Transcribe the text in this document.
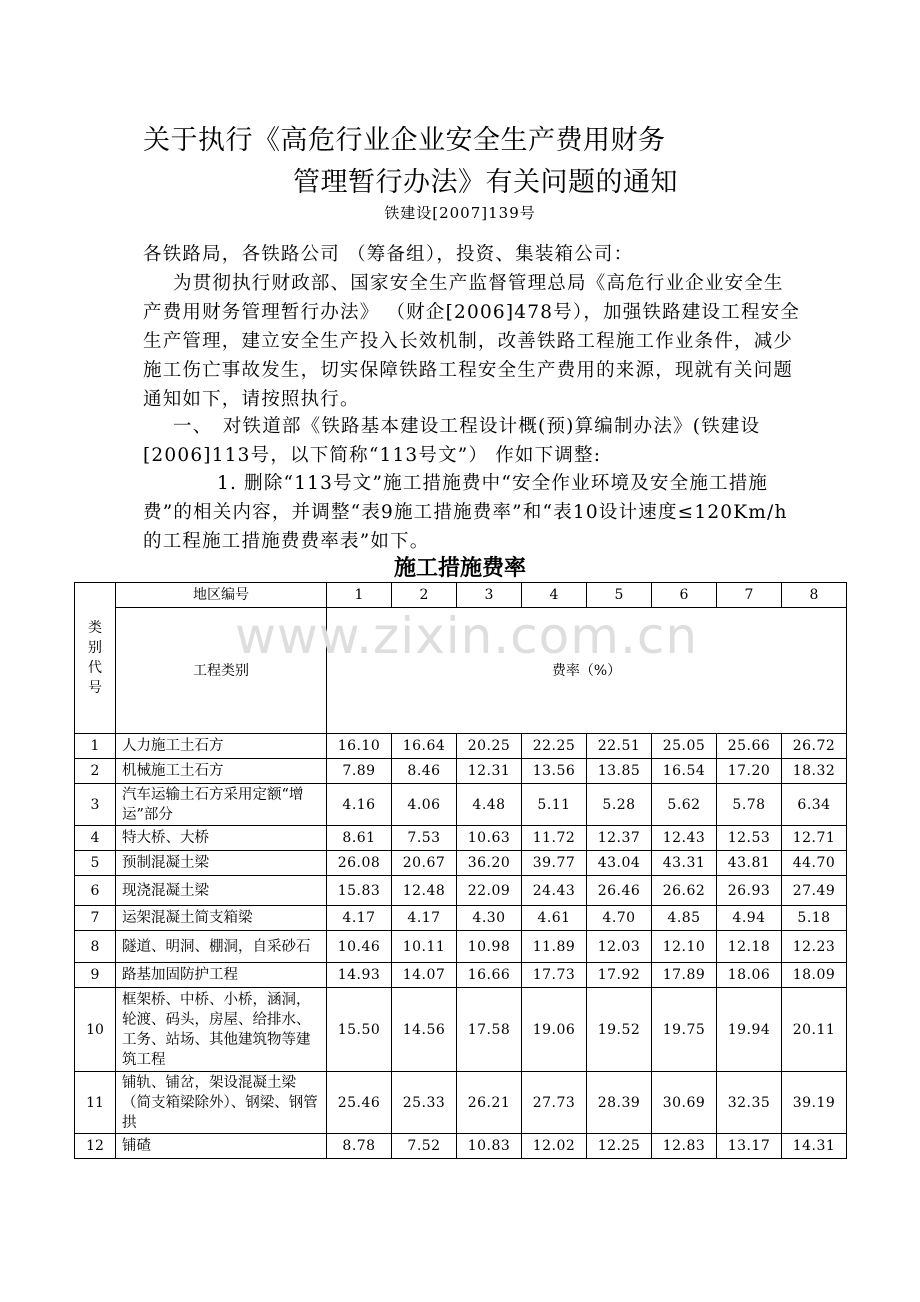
关于执行《高危行业企业安全生产费用财务
管理暂行办法》有关问题的通知
铁建设[2007]139号
各铁路局，各铁路公司 （筹备组），投资、集装箱公司：
为贯彻执行财政部、国家安全生产监督管理总局《高危行业企业安全生产费用财务管理暂行办法》 （财企[2006]478号），加强铁路建设工程安全生产管理，建立安全生产投入长效机制，改善铁路工程施工作业条件，减少施工伤亡事故发生，切实保障铁路工程安全生产费用的来源，现就有关问题通知如下，请按照执行。
一、　对铁道部《铁路基本建设工程设计概(预)算编制办法》(铁建设[2006]113号，以下简称“113号文”） 作如下调整:
1. 删除“113号文”施工措施费中“安全作业环境及安全施工措施费”的相关内容，并调整“表9施工措施费率”和“表10设计速度≤120Km/h的工程施工措施费费率表”如下。
施工措施费率
www.zixin.com.cn
类别代号	地区编号	1	2	3	4	5	6	7	8
	工程类别	费率（%）							

1	人力施工土石方	16.10	16.64	20.25	22.25	22.51	25.05	25.66	26.72
2	机械施工土石方	7.89	8.46	12.31	13.56	13.85	16.54	17.20	18.32
3	汽车运输土石方采用定额“增运”部分	4.16	4.06	4.48	5.11	5.28	5.62	5.78	6.34
4	特大桥、大桥	8.61	7.53	10.63	11.72	12.37	12.43	12.53	12.71
5	预制混凝土梁	26.08	20.67	36.20	39.77	43.04	43.31	43.81	44.70
6	现浇混凝土梁	15.83	12.48	22.09	24.43	26.46	26.62	26.93	27.49
7	运架混凝土简支箱梁	4.17	4.17	4.30	4.61	4.70	4.85	4.94	5.18
8	隧道、明洞、棚洞，自采砂石	10.46	10.11	10.98	11.89	12.03	12.10	12.18	12.23
9	路基加固防护工程	14.93	14.07	16.66	17.73	17.92	17.89	18.06	18.09
10	框架桥、中桥、小桥，涵洞，轮渡、码头，房屋、给排水、工务、站场、其他建筑物等建筑工程	15.50	14.56	17.58	19.06	19.52	19.75	19.94	20.11
11	铺轨、铺岔，架设混凝土梁（简支箱梁除外）、钢梁、钢管拱	25.46	25.33	26.21	27.73	28.39	30.69	32.35	39.19
12	铺碴	8.78	7.52	10.83	12.02	12.25	12.83	13.17	14.31
